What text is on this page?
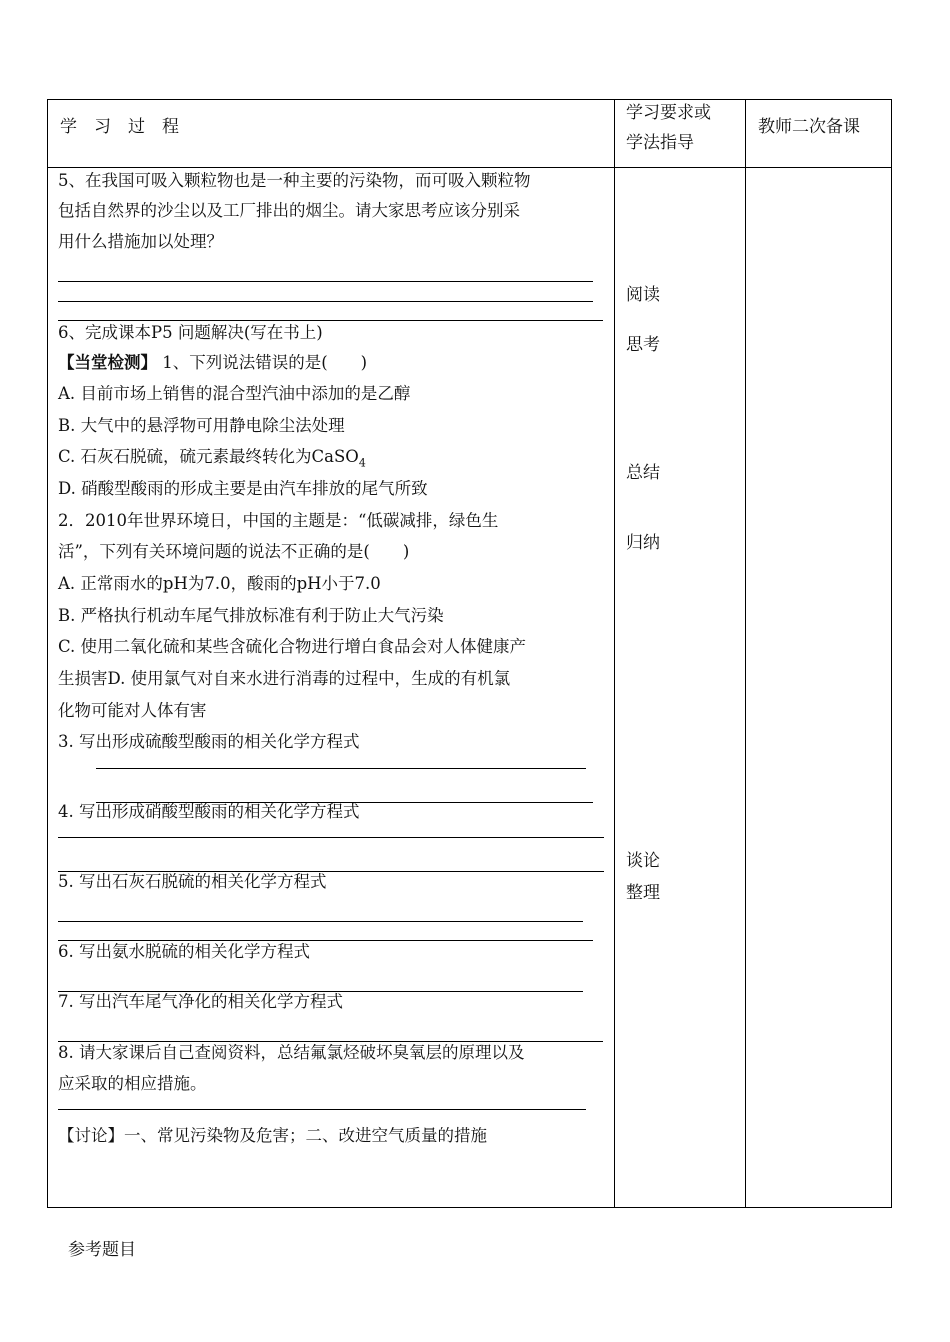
学　习　过　程
学习要求或
学法指导
教师二次备课
5、在我国可吸入颗粒物也是一种主要的污染物，而可吸入颗粒物
包括自然界的沙尘以及工厂排出的烟尘。请大家思考应该分别采
用什么措施加以处理？
6、完成课本P5 问题解决(写在书上)
【当堂检测】 1、下列说法错误的是(　　)
A. 目前市场上销售的混合型汽油中添加的是乙醇
B. 大气中的悬浮物可用静电除尘法处理
C. 石灰石脱硫，硫元素最终转化为CaSO$_4$
D. 硝酸型酸雨的形成主要是由汽车排放的尾气所致
2．2010年世界环境日，中国的主题是：“低碳减排，绿色生
活”，下列有关环境问题的说法不正确的是(　　)
A. 正常雨水的pH为7.0，酸雨的pH小于7.0
B. 严格执行机动车尾气排放标准有利于防止大气污染
C. 使用二氧化硫和某些含硫化合物进行增白食品会对人体健康产
生损害D. 使用氯气对自来水进行消毒的过程中，生成的有机氯
化物可能对人体有害
3. 写出形成硫酸型酸雨的相关化学方程式
4. 写出形成硝酸型酸雨的相关化学方程式
5. 写出石灰石脱硫的相关化学方程式
6. 写出氨水脱硫的相关化学方程式
7. 写出汽车尾气净化的相关化学方程式
8. 请大家课后自己查阅资料，总结氟氯烃破坏臭氧层的原理以及
应采取的相应措施。
【讨论】一、常见污染物及危害；二、改进空气质量的措施
阅读
思考
总结
归纳
谈论
整理
参考题目
